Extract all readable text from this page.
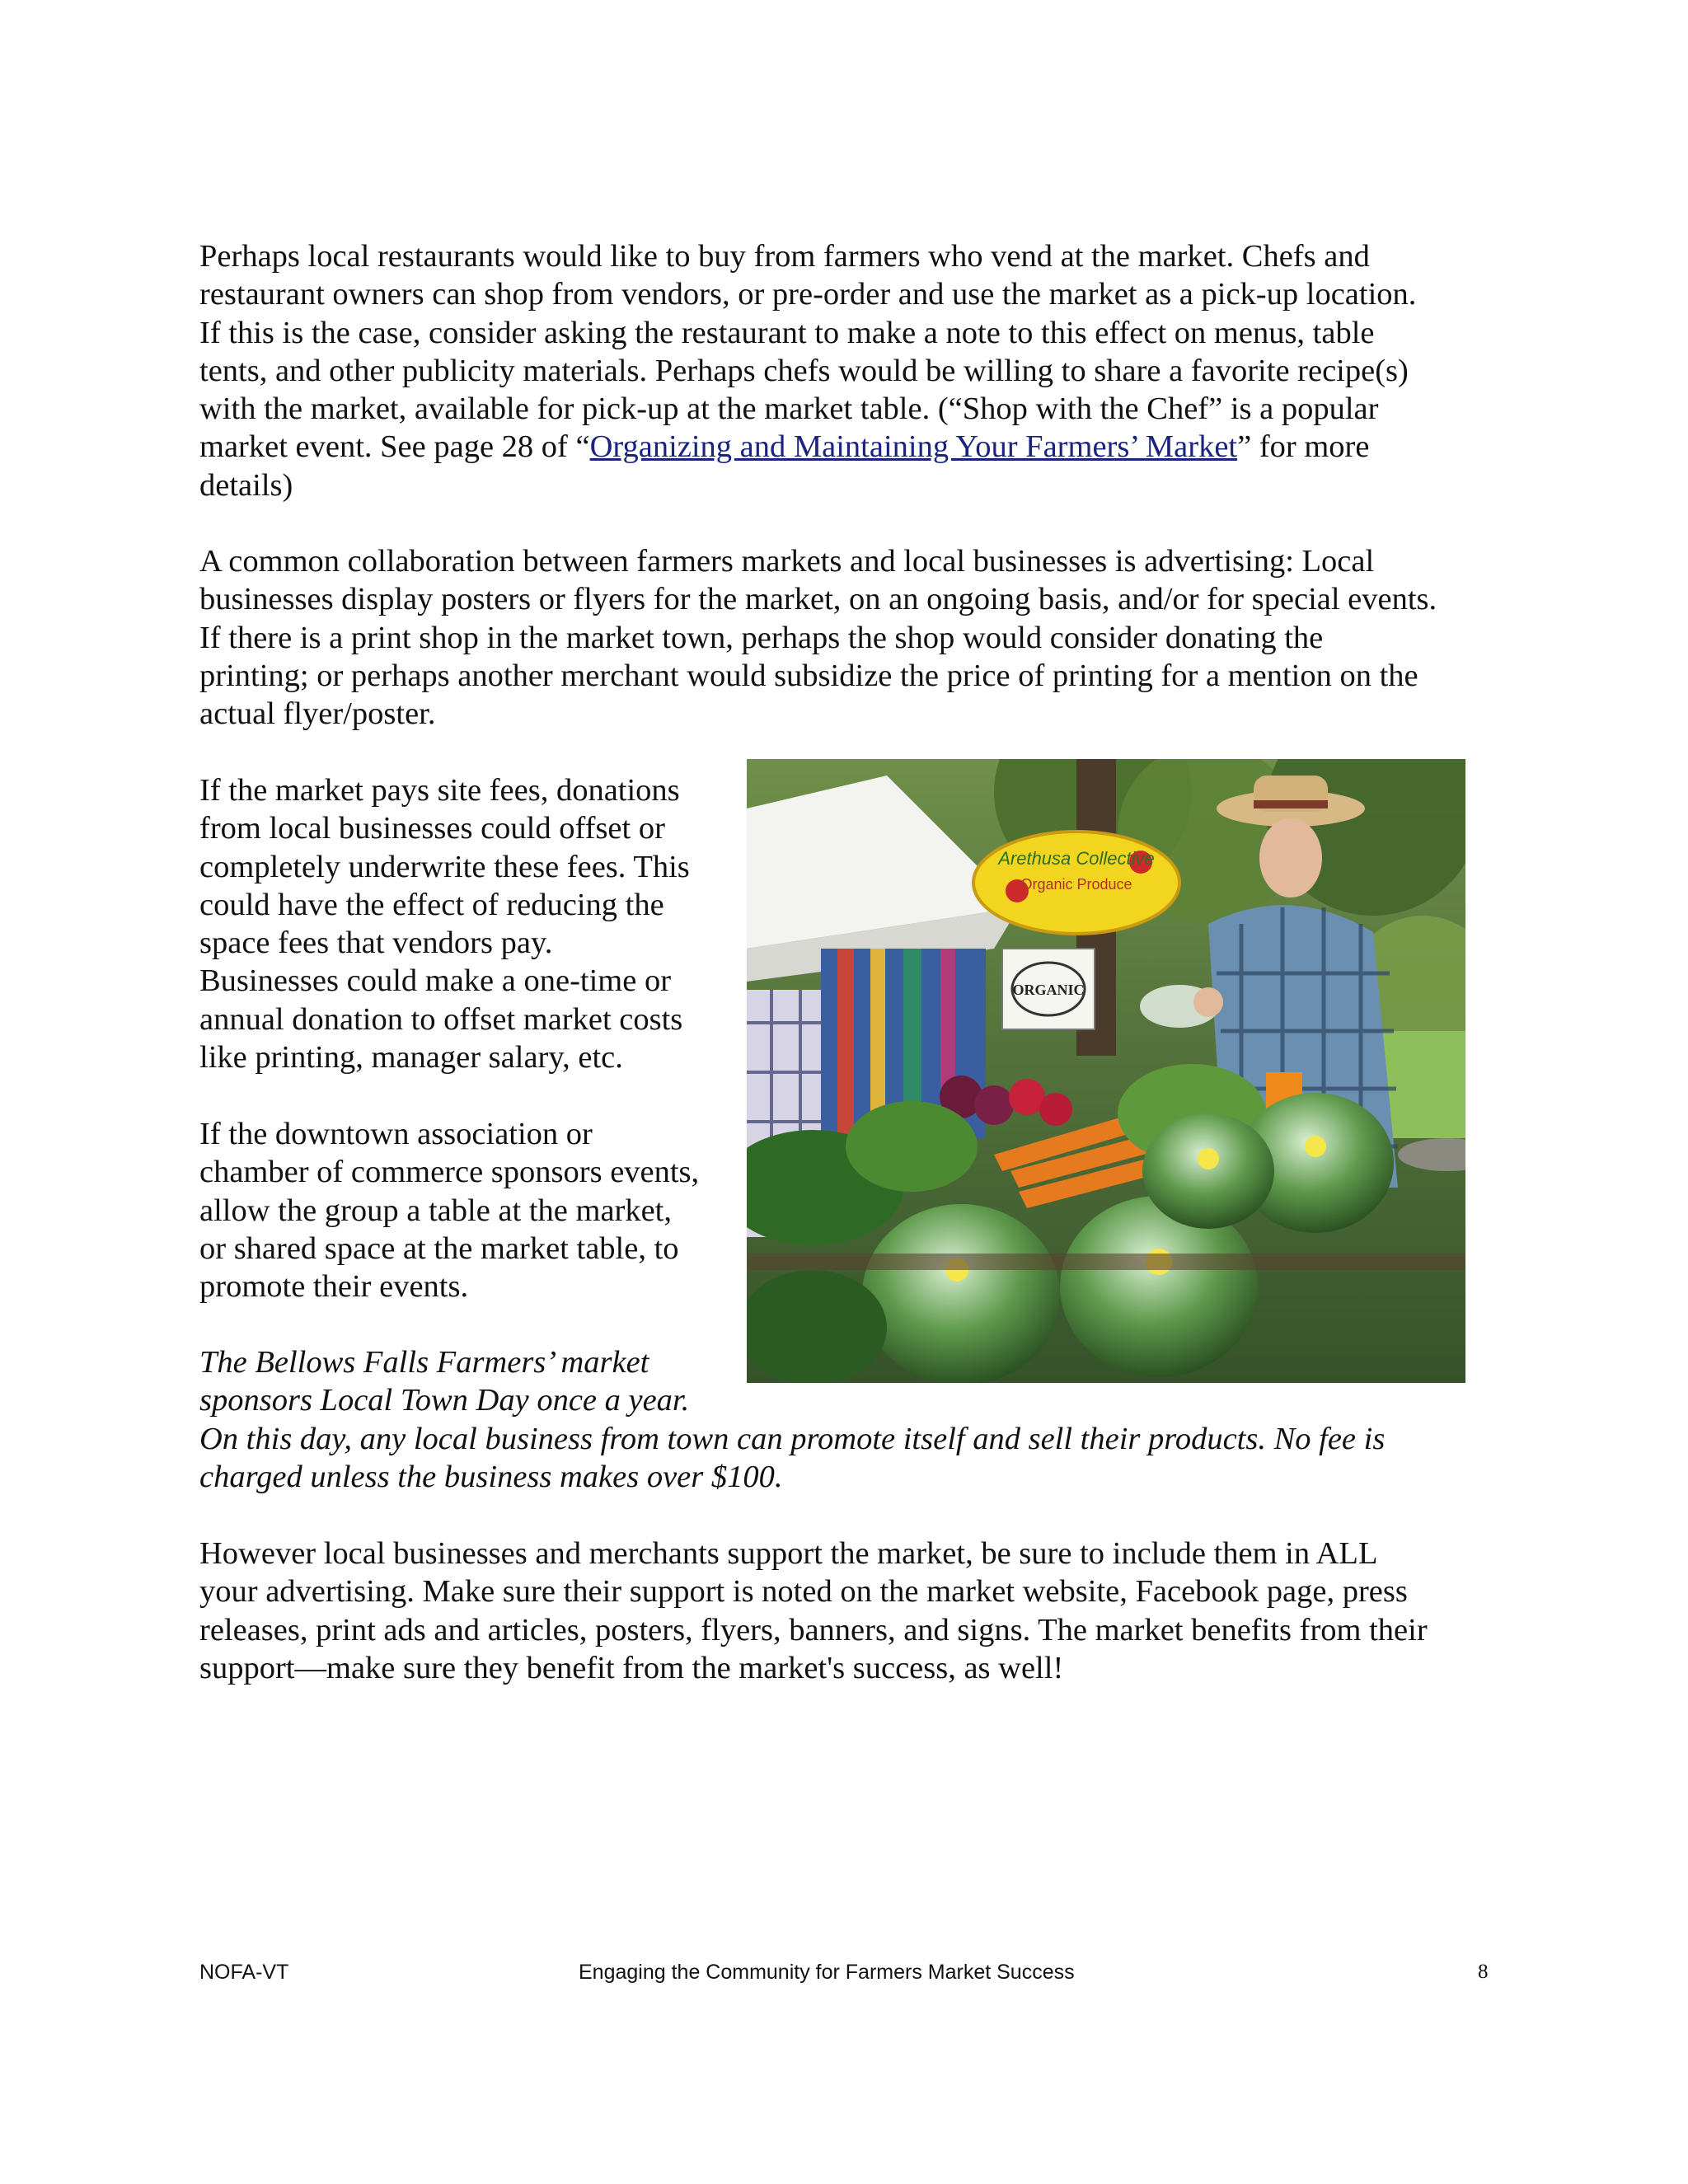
Perhaps local restaurants would like to buy from farmers who vend at the market. Chefs and
restaurant owners can shop from vendors, or pre-order and use the market as a pick-up location.
If this is the case, consider asking the restaurant to make a note to this effect on menus, table
tents, and other publicity materials. Perhaps chefs would be willing to share a favorite recipe(s)
with the market, available for pick-up at the market table. (“Shop with the Chef” is a popular
market event. See page 28 of “Organizing and Maintaining Your Farmers’ Market” for more
details)

A common collaboration between farmers markets and local businesses is advertising: Local
businesses display posters or flyers for the market, on an ongoing basis, and/or for special events.
If there is a print shop in the market town, perhaps the shop would consider donating the
printing; or perhaps another merchant would subsidize the price of printing for a mention on the
actual flyer/poster.

If the market pays site fees, donations
from local businesses could offset or
completely underwrite these fees. This
could have the effect of reducing the
space fees that vendors pay.
Businesses could make a one-time or
annual donation to offset market costs
like printing, manager salary, etc.

If the downtown association or
chamber of commerce sponsors events,
allow the group a table at the market,
or shared space at the market table, to
promote their events.

The Bellows Falls Farmers’ market
sponsors Local Town Day once a year.

On this day, any local business from town can promote itself and sell their products. No fee is
charged unless the business makes over $100.

However local businesses and merchants support the market, be sure to include them in ALL
your advertising. Make sure their support is noted on the market website, Facebook page, press
releases, print ads and articles, posters, flyers, banners, and signs. The market benefits from their
support—make sure they benefit from the market's success, as well!

Arethusa Collective
Organic Produce
ORGANIC
NOFA-VT	Engaging the Community for Farmers Market Success	8
